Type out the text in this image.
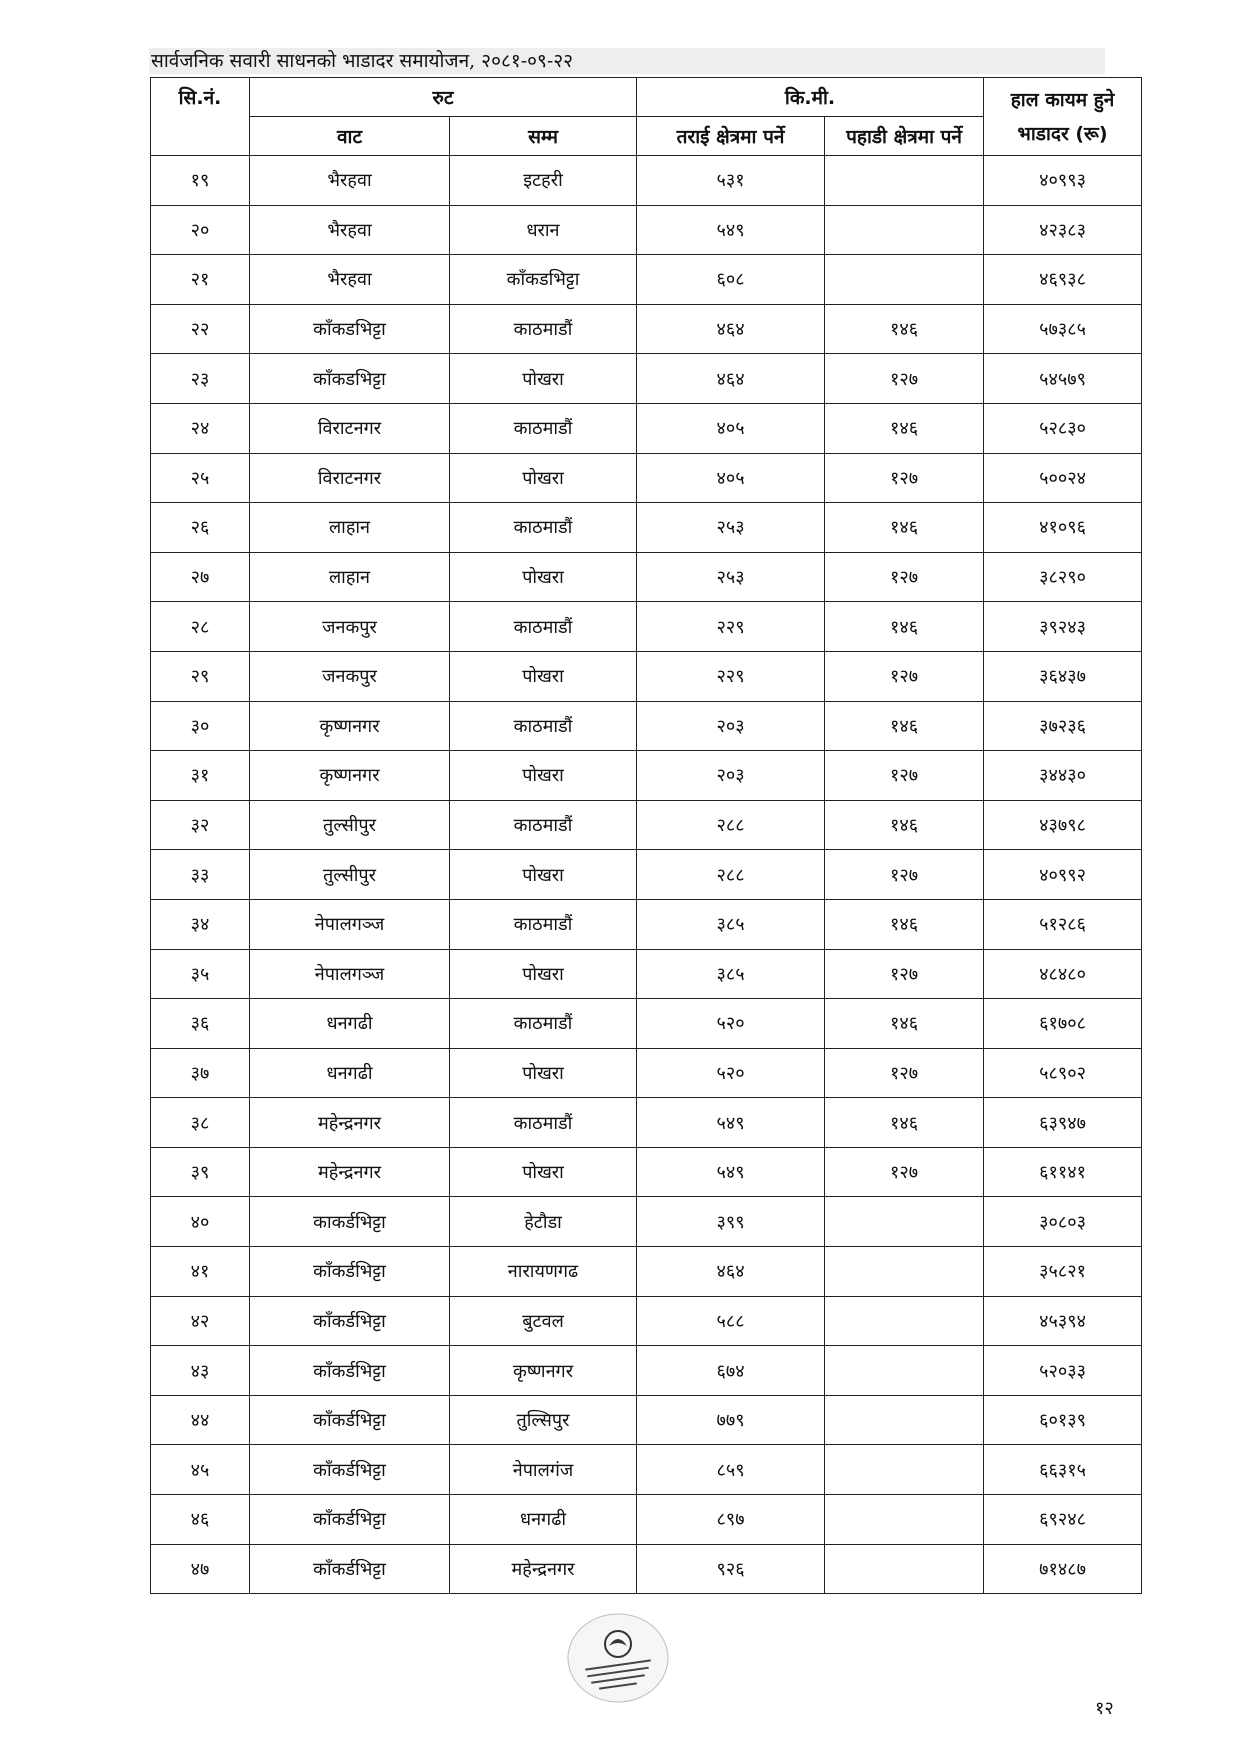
सार्वजनिक सवारी साधनको भाडादर समायोजन, २०८१-०९-२२
सि.नं.	रुट		कि.मी.		हाल कायम हुने भाडादर (रू)
	वाट	सम्म	तराई क्षेत्रमा पर्ने	पहाडी क्षेत्रमा पर्ने	
१९	भैरहवा	इटहरी	५३१		४०९९३
२०	भैरहवा	धरान	५४९		४२३८३
२१	भैरहवा	काँकडभिट्टा	६०८		४६९३८
२२	काँकडभिट्टा	काठमाडौं	४६४	१४६	५७३८५
२३	काँकडभिट्टा	पोखरा	४६४	१२७	५४५७९
२४	विराटनगर	काठमाडौं	४०५	१४६	५२८३०
२५	विराटनगर	पोखरा	४०५	१२७	५००२४
२६	लाहान	काठमाडौं	२५३	१४६	४१०९६
२७	लाहान	पोखरा	२५३	१२७	३८२९०
२८	जनकपुर	काठमाडौं	२२९	१४६	३९२४३
२९	जनकपुर	पोखरा	२२९	१२७	३६४३७
३०	कृष्णनगर	काठमाडौं	२०३	१४६	३७२३६
३१	कृष्णनगर	पोखरा	२०३	१२७	३४४३०
३२	तुल्सीपुर	काठमाडौं	२८८	१४६	४३७९८
३३	तुल्सीपुर	पोखरा	२८८	१२७	४०९९२
३४	नेपालगञ्ज	काठमाडौं	३८५	१४६	५१२८६
३५	नेपालगञ्ज	पोखरा	३८५	१२७	४८४८०
३६	धनगढी	काठमाडौं	५२०	१४६	६१७०८
३७	धनगढी	पोखरा	५२०	१२७	५८९०२
३८	महेन्द्रनगर	काठमाडौं	५४९	१४६	६३९४७
३९	महेन्द्रनगर	पोखरा	५४९	१२७	६११४१
४०	काकर्डभिट्टा	हेटौडा	३९९		३०८०३
४१	काँकर्डभिट्टा	नारायणगढ	४६४		३५८२१
४२	काँकर्डभिट्टा	बुटवल	५८८		४५३९४
४३	काँकर्डभिट्टा	कृष्णनगर	६७४		५२०३३
४४	काँकर्डभिट्टा	तुल्सिपुर	७७९		६०१३९
४५	काँकर्डभिट्टा	नेपालगंज	८५९		६६३१५
४६	काँकर्डभिट्टा	धनगढी	८९७		६९२४८
४७	काँकर्डभिट्टा	महेन्द्रनगर	९२६		७१४८७
१२
